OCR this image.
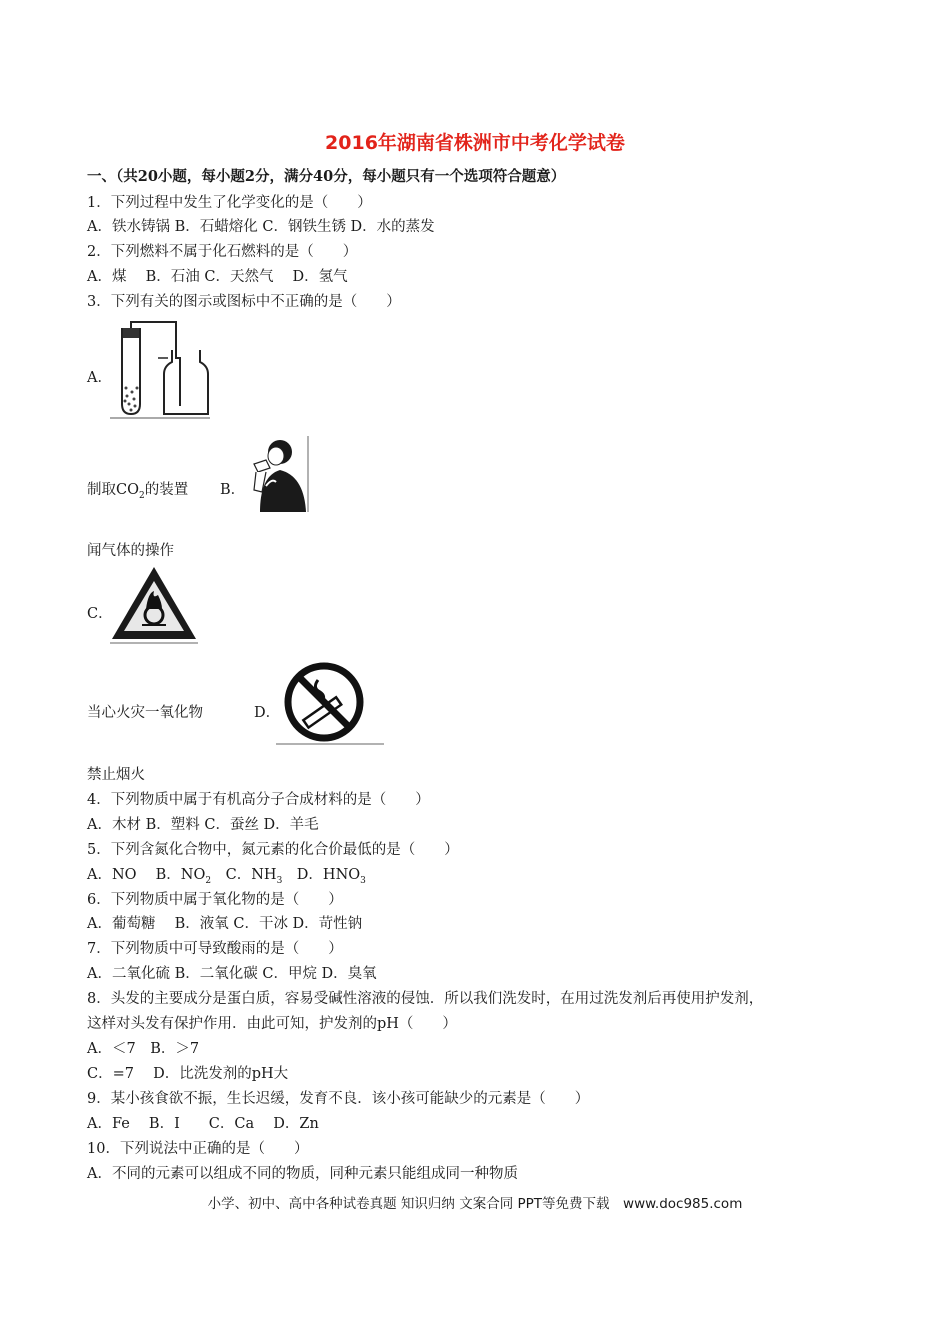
2016年湖南省株洲市中考化学试卷
一、（共20小题，每小题2分，满分40分，每小题只有一个选项符合题意）
1．下列过程中发生了化学变化的是（　　）
A．铁水铸锅 B．石蜡熔化 C．钢铁生锈 D．水的蒸发
2．下列燃料不属于化石燃料的是（　　）
A．煤　 B．石油 C．天然气　 D．氢气
3．下列有关的图示或图标中不正确的是（　　）
A．
制取$CO_2$的装置 B．
闻气体的操作
C．
当心火灾一氧化物	D．
禁止烟火
4．下列物质中属于有机高分子合成材料的是（　　）
A．木材 B．塑料 C．蚕丝 D．羊毛
5．下列含氮化合物中，氮元素的化合价最低的是（　　）
A．NO　 B．$NO_2$　C．$NH_3$　D．$HNO_3$
6．下列物质中属于氧化物的是（　　）
A．葡萄糖　 B．液氧 C．干冰 D．苛性钠
7．下列物质中可导致酸雨的是（　　）
A．二氧化硫 B．二氧化碳 C．甲烷 D．臭氧
8．头发的主要成分是蛋白质，容易受碱性溶液的侵蚀．所以我们洗发时，在用过洗发剂后再使用护发剂，
这样对头发有保护作用．由此可知，护发剂的pH（　　）
A．＜7　B．＞7
C．=7　 D．比洗发剂的pH大
9．某小孩食欲不振，生长迟缓，发育不良．该小孩可能缺少的元素是（　　）
A．Fe　 B．I　　C．Ca　 D．Zn
10．下列说法中正确的是（　　）
A．不同的元素可以组成不同的物质，同种元素只能组成同一种物质
小学、初中、高中各种试卷真题 知识归纳 文案合同 PPT等免费下载　www.doc985.com
